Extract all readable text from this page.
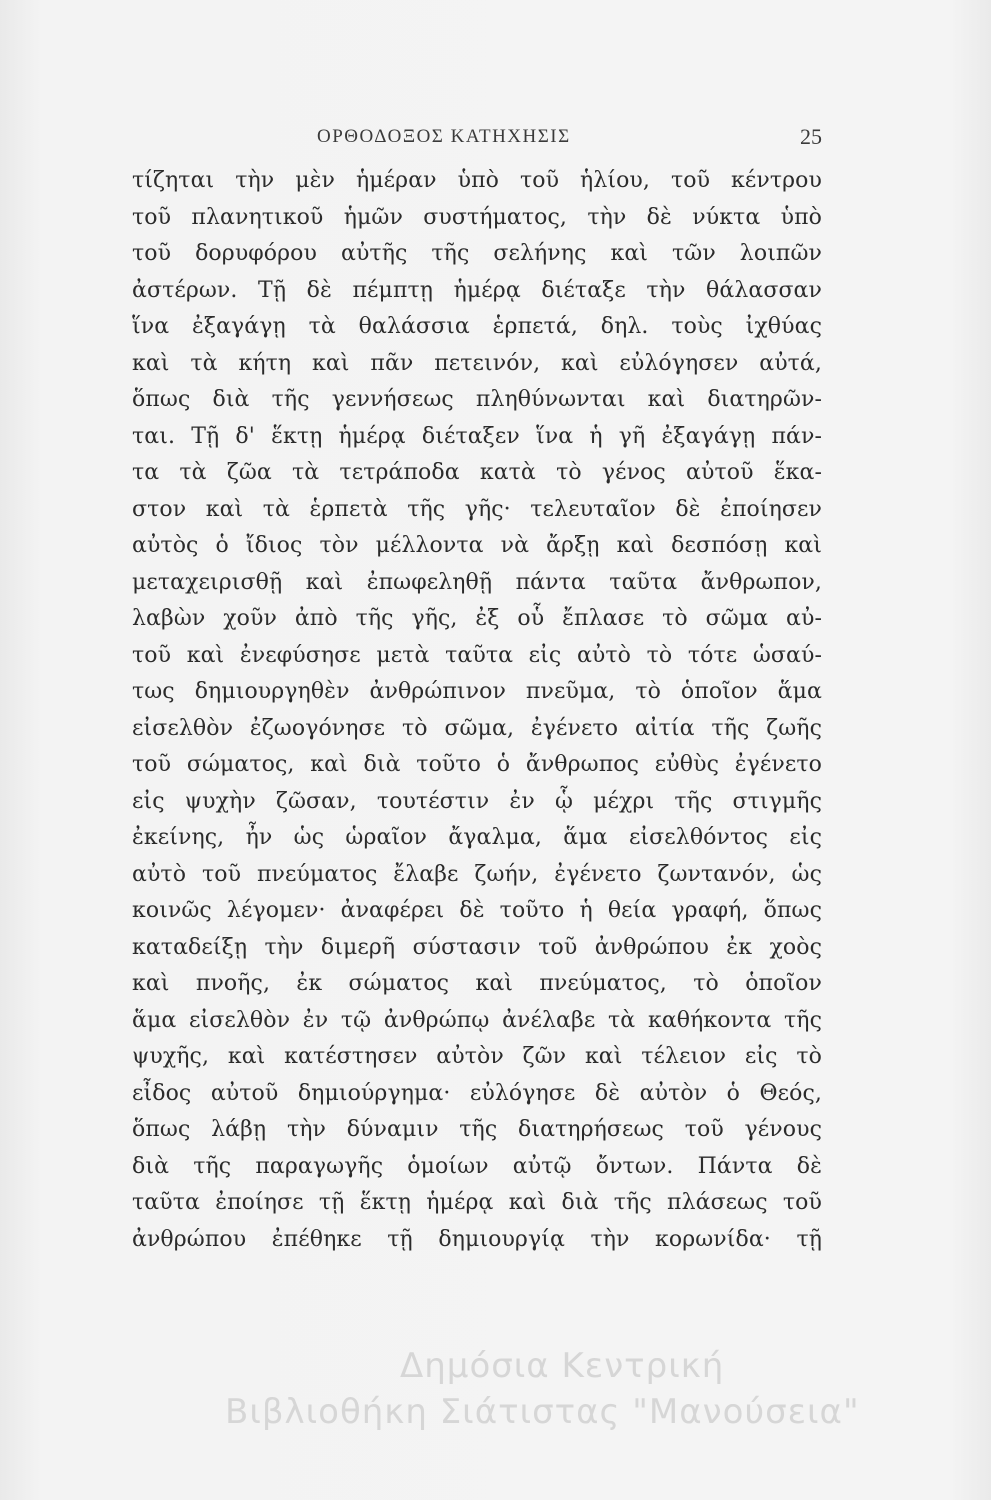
ΟΡΘΟΔΟΞΟΣ ΚΑΤΗΧΗΣΙΣ	25
τίζηται τὴν μὲν ἡμέραν ὑπὸ τοῦ ἡλίου, τοῦ κέντρου
τοῦ πλανητικοῦ ἡμῶν συστήματος, τὴν δὲ νύκτα ὑπὸ
τοῦ δορυφόρου αὐτῆς τῆς σελήνης καὶ τῶν λοιπῶν
ἀστέρων. Τῇ δὲ πέμπτῃ ἡμέρᾳ διέταξε τὴν θάλασσαν
ἵνα ἐξαγάγῃ τὰ θαλάσσια ἑρπετά, δηλ. τοὺς ἰχθύας
καὶ τὰ κήτη καὶ πᾶν πετεινόν, καὶ εὐλόγησεν αὐτά,
ὅπως διὰ τῆς γεννήσεως πληθύνωνται καὶ διατηρῶν-
ται. Τῇ δ' ἕκτῃ ἡμέρᾳ διέταξεν ἵνα ἡ γῆ ἐξαγάγῃ πάν-
τα τὰ ζῶα τὰ τετράποδα κατὰ τὸ γένος αὐτοῦ ἕκα-
στον καὶ τὰ ἑρπετὰ τῆς γῆς· τελευταῖον δὲ ἐποίησεν
αὐτὸς ὁ ἴδιος τὸν μέλλοντα νὰ ἄρξῃ καὶ δεσπόσῃ καὶ
μεταχειρισθῇ καὶ ἐπωφεληθῇ πάντα ταῦτα ἄνθρωπον,
λαβὼν χοῦν ἀπὸ τῆς γῆς, ἐξ οὗ ἔπλασε τὸ σῶμα αὐ-
τοῦ καὶ ἐνεφύσησε μετὰ ταῦτα εἰς αὐτὸ τὸ τότε ὡσαύ-
τως δημιουργηθὲν ἀνθρώπινον πνεῦμα, τὸ ὁποῖον ἅμα
εἰσελθὸν ἐζωογόνησε τὸ σῶμα, ἐγένετο αἰτία τῆς ζωῆς
τοῦ σώματος, καὶ διὰ τοῦτο ὁ ἄνθρωπος εὐθὺς ἐγένετο
εἰς ψυχὴν ζῶσαν, τουτέστιν ἐν ᾧ μέχρι τῆς στιγμῆς
ἐκείνης, ἦν ὡς ὡραῖον ἄγαλμα, ἅμα εἰσελθόντος εἰς
αὐτὸ τοῦ πνεύματος ἔλαβε ζωήν, ἐγένετο ζωντανόν, ὡς
κοινῶς λέγομεν· ἀναφέρει δὲ τοῦτο ἡ θεία γραφή, ὅπως
καταδείξῃ τὴν διμερῆ σύστασιν τοῦ ἀνθρώπου ἐκ χοὸς
καὶ πνοῆς, ἐκ σώματος καὶ πνεύματος, τὸ ὁποῖον
ἅμα εἰσελθὸν ἐν τῷ ἀνθρώπῳ ἀνέλαβε τὰ καθήκοντα τῆς
ψυχῆς, καὶ κατέστησεν αὐτὸν ζῶν καὶ τέλειον εἰς τὸ
εἶδος αὐτοῦ δημιούργημα· εὐλόγησε δὲ αὐτὸν ὁ Θεός,
ὅπως λάβῃ τὴν δύναμιν τῆς διατηρήσεως τοῦ γένους
διὰ τῆς παραγωγῆς ὁμοίων αὐτῷ ὄντων. Πάντα δὲ
ταῦτα ἐποίησε τῇ ἕκτῃ ἡμέρᾳ καὶ διὰ τῆς πλάσεως τοῦ
ἀνθρώπου ἐπέθηκε τῇ δημιουργίᾳ τὴν κορωνίδα· τῇ
Δημόσια Κεντρική
Βιβλιοθήκη Σιάτιστας "Μανούσεια"
